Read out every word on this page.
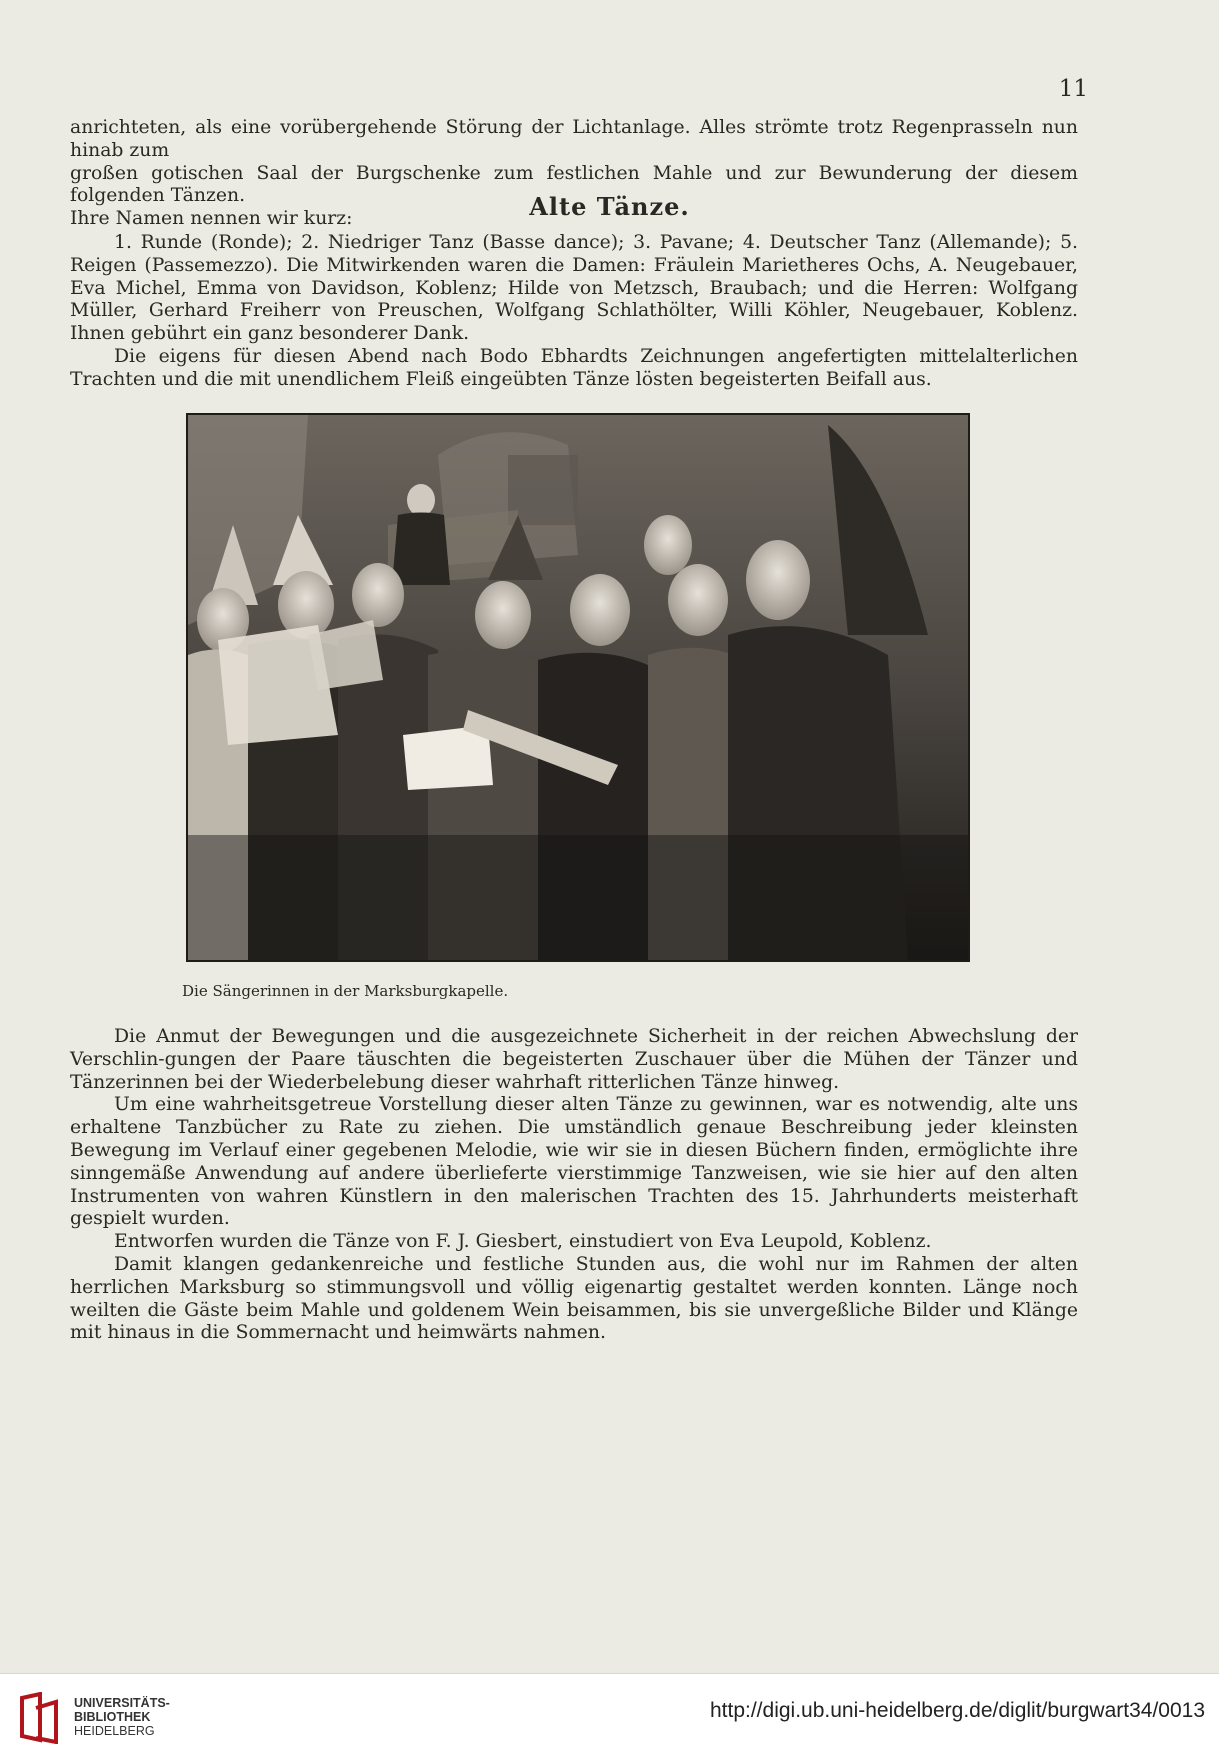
11

anrichteten, als eine vorübergehende Störung der Lichtanlage. Alles strömte trotz Regenprasseln nun hinab zum

großen gotischen Saal der Burgschenke zum festlichen Mahle und zur Bewunderung der diesem folgenden Tänzen.

Ihre Namen nennen wir kurz:	Alte Tänze.

1. Runde (Ronde); 2. Niedriger Tanz (Basse dance); 3. Pavane; 4. Deutscher Tanz (Allemande); 5. Reigen (Passemezzo). Die Mitwirkenden waren die Damen: Fräulein Marietheres Ochs, A. Neugebauer, Eva Michel, Emma von Davidson, Koblenz; Hilde von Metzsch, Braubach; und die Herren: Wolfgang Müller, Gerhard Freiherr von Preuschen, Wolfgang Schlathölter, Willi Köhler, Neugebauer, Koblenz. Ihnen gebührt ein ganz besonderer Dank.

Die eigens für diesen Abend nach Bodo Ebhardts Zeichnungen angefertigten mittelalterlichen Trachten und die mit unendlichem Fleiß eingeübten Tänze lösten begeisterten Beifall aus.

Die Sängerinnen in der Marksburgkapelle.

Die Anmut der Bewegungen und die ausgezeichnete Sicherheit in der reichen Abwechslung der Verschlin-gungen der Paare täuschten die begeisterten Zuschauer über die Mühen der Tänzer und Tänzerinnen bei der Wiederbelebung dieser wahrhaft ritterlichen Tänze hinweg.

Um eine wahrheitsgetreue Vorstellung dieser alten Tänze zu gewinnen, war es notwendig, alte uns erhaltene Tanzbücher zu Rate zu ziehen. Die umständlich genaue Beschreibung jeder kleinsten Bewegung im Verlauf einer gegebenen Melodie, wie wir sie in diesen Büchern finden, ermöglichte ihre sinngemäße Anwendung auf andere überlieferte vierstimmige Tanzweisen, wie sie hier auf den alten Instrumenten von wahren Künstlern in den malerischen Trachten des 15. Jahrhunderts meisterhaft gespielt wurden.

Entworfen wurden die Tänze von F. J. Giesbert, einstudiert von Eva Leupold, Koblenz.

Damit klangen gedankenreiche und festliche Stunden aus, die wohl nur im Rahmen der alten herrlichen Marksburg so stimmungsvoll und völlig eigenartig gestaltet werden konnten. Länge noch weilten die Gäste beim Mahle und goldenem Wein beisammen, bis sie unvergeßliche Bilder und Klänge mit hinaus in die Sommernacht und heimwärts nahmen.

UNIVERSITÄTS-
BIBLIOTHEK
HEIDELBERG
http://digi.ub.uni-heidelberg.de/diglit/burgwart34/0013
